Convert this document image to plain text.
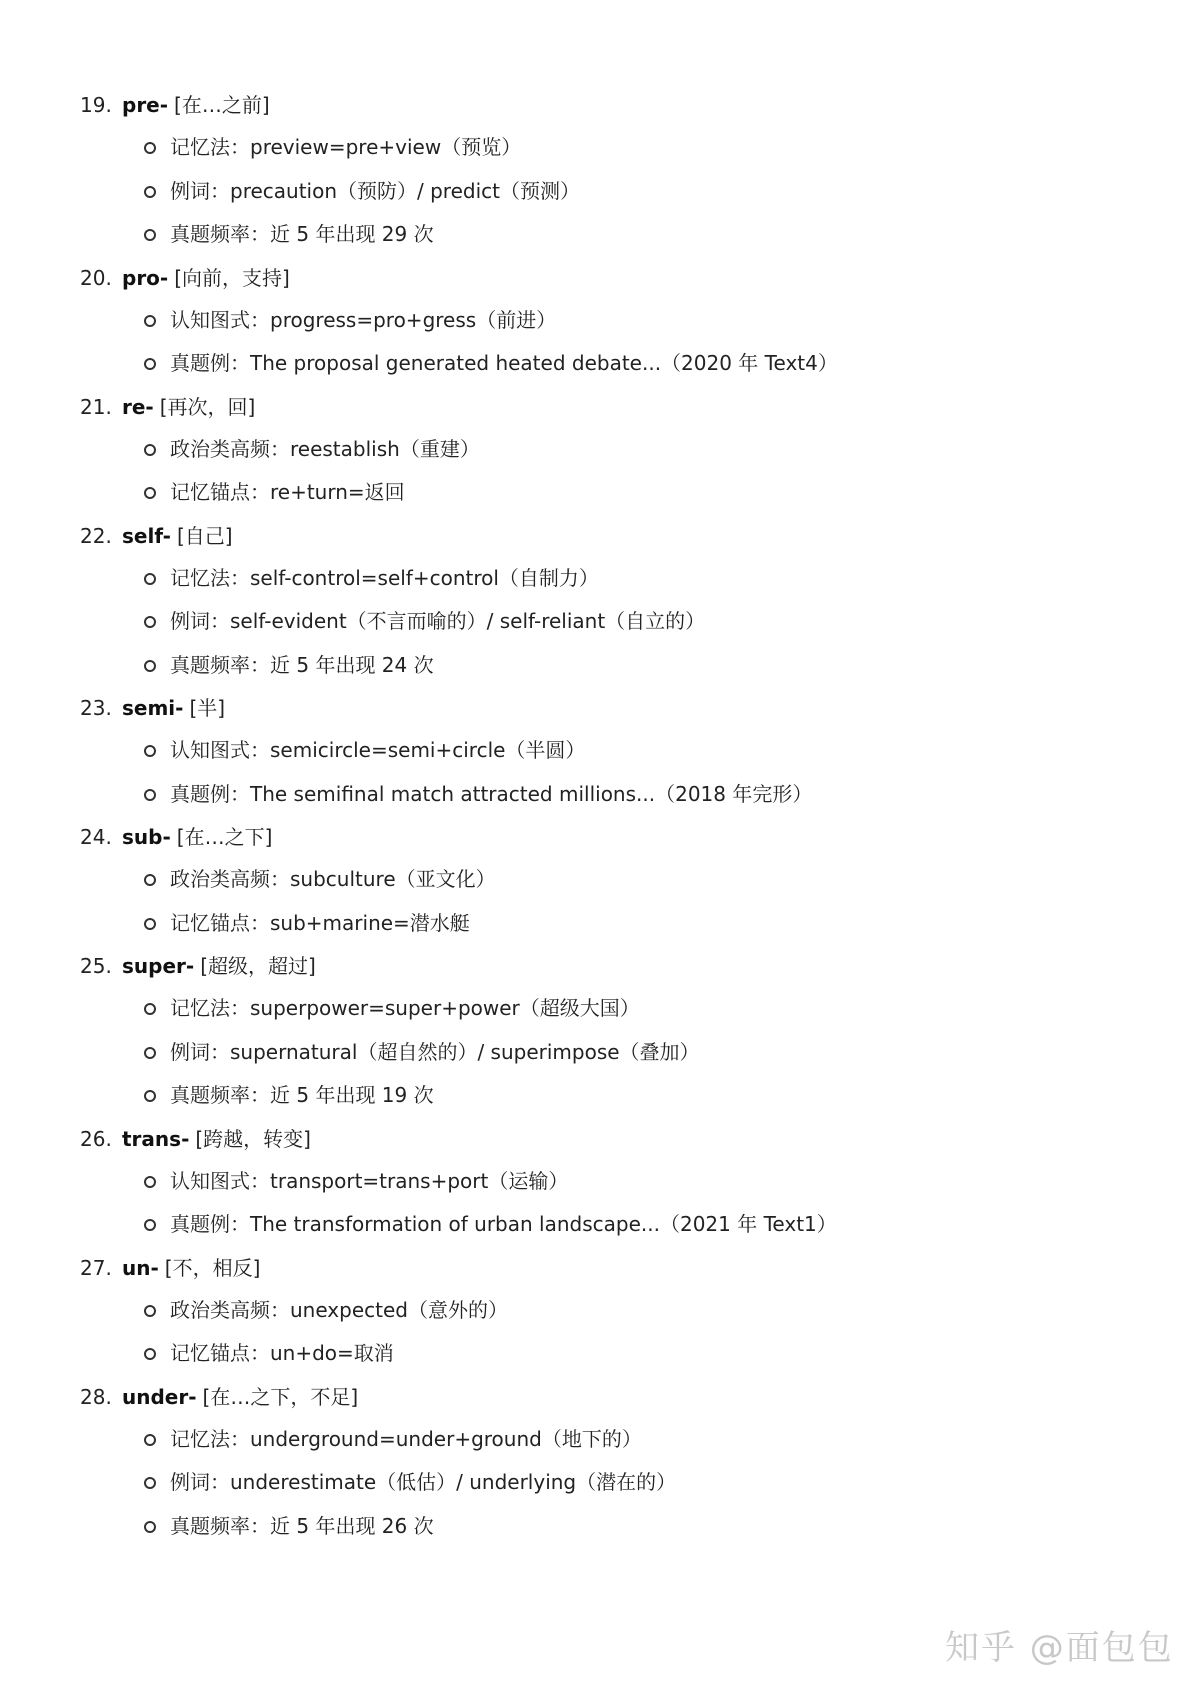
19. pre- [在…之前]
记忆法：preview=pre+view（预览）
例词：precaution（预防）/ predict（预测）
真题频率：近 5 年出现 29 次
20. pro- [向前，支持]
认知图式：progress=pro+gress（前进）
真题例：The proposal generated heated debate...（2020 年 Text4）
21. re- [再次，回]
政治类高频：reestablish（重建）
记忆锚点：re+turn=返回
22. self- [自己]
记忆法：self-control=self+control（自制力）
例词：self-evident（不言而喻的）/ self-reliant（自立的）
真题频率：近 5 年出现 24 次
23. semi- [半]
认知图式：semicircle=semi+circle（半圆）
真题例：The semifinal match attracted millions...（2018 年完形）
24. sub- [在…之下]
政治类高频：subculture（亚文化）
记忆锚点：sub+marine=潜水艇
25. super- [超级，超过]
记忆法：superpower=super+power（超级大国）
例词：supernatural（超自然的）/ superimpose（叠加）
真题频率：近 5 年出现 19 次
26. trans- [跨越，转变]
认知图式：transport=trans+port（运输）
真题例：The transformation of urban landscape...（2021 年 Text1）
27. un- [不，相反]
政治类高频：unexpected（意外的）
记忆锚点：un+do=取消
28. under- [在…之下，不足]
记忆法：underground=under+ground（地下的）
例词：underestimate（低估）/ underlying（潜在的）
真题频率：近 5 年出现 26 次
知乎 @面包包
